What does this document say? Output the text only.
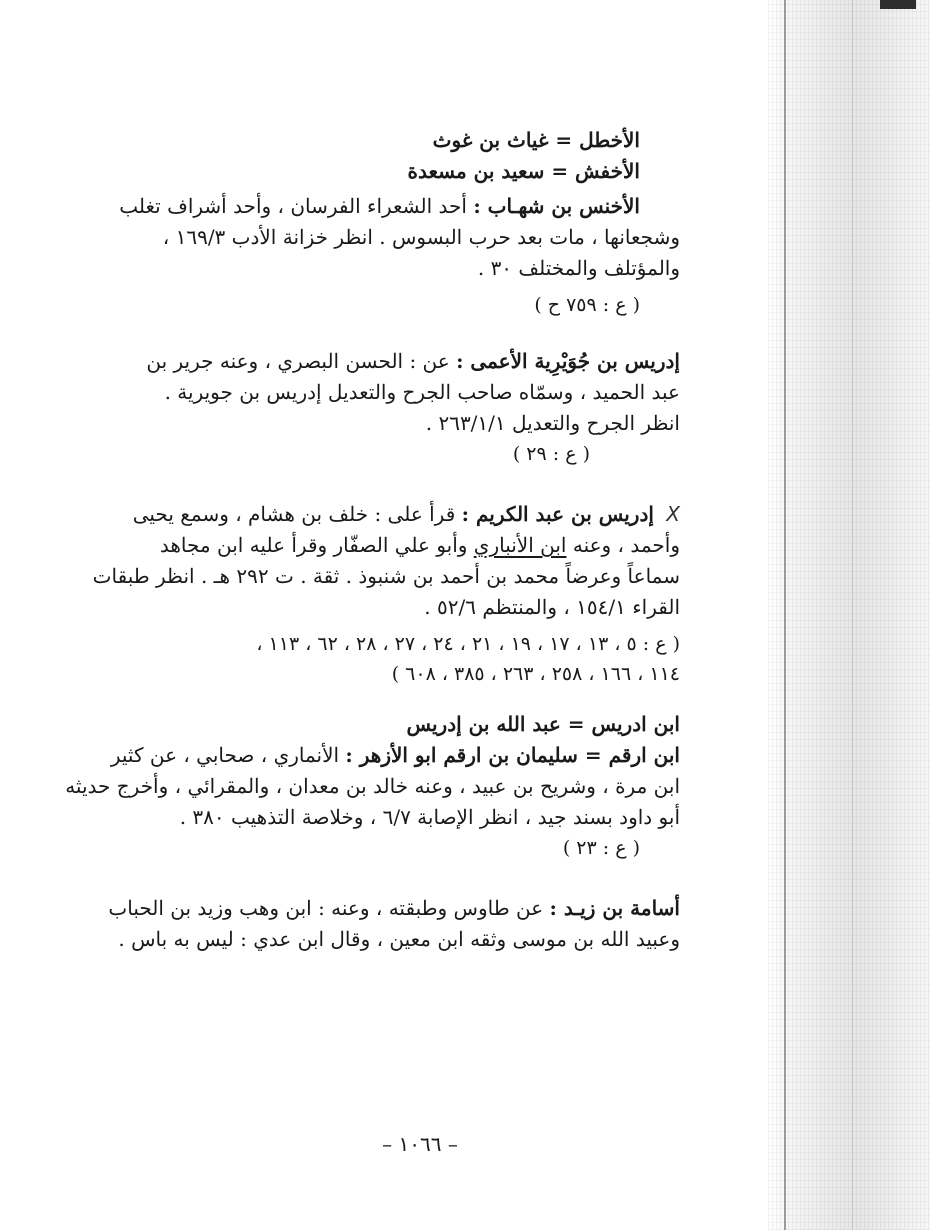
الأخطل = غياث بن غوث
الأخفش = سعيد بن مسعدة
الأخنس بن شهـاب : أحد الشعراء الفرسان ، وأحد أشراف تغلب
وشجعانها ، مات بعد حرب البسوس . انظر خزانة الأدب ١٦٩/٣ ،
والمؤتلف والمختلف ٣٠ .
( ع : ٧٥٩ ح )
إدريس بن جُوَيْرِية الأعمى : عن : الحسن البصري ، وعنه جرير بن
عبد الحميد ، وسمّاه صاحب الجرح والتعديل إدريس بن جويرية .
انظر الجرح والتعديل ٢٦٣/١/١ .
( ع : ٢٩ )
X إدريس بن عبد الكريم : قرأ على : خلف بن هشام ، وسمع يحيى
وأحمد ، وعنه ابن الأنباري وأبو علي الصفّار وقرأ عليه ابن مجاهد
سماعاً وعرضاً محمد بن أحمد بن شنبوذ . ثقة . ت ٢٩٢ هـ . انظر طبقات
القراء ١٥٤/١ ، والمنتظم ٥٢/٦ .
( ع : ٥ ، ١٣ ، ١٧ ، ١٩ ، ٢١ ، ٢٤ ، ٢٧ ، ٢٨ ، ٦٢ ، ١١٣ ،
١١٤ ، ١٦٦ ، ٢٥٨ ، ٢٦٣ ، ٣٨٥ ، ٦٠٨ )
ابن ادريس = عبد الله بن إدريس
ابن ارقم = سليمان بن ارقم ابو الأزهر : الأنماري ، صحابي ، عن كثير
ابن مرة ، وشريح بن عبيد ، وعنه خالد بن معدان ، والمقرائي ، وأخرج حديثه
أبو داود بسند جيد ، انظر الإصابة ٦/٧ ، وخلاصة التذهيب ٣٨٠ .
( ع : ٢٣ )
أسامة بن زيـد : عن طاوس وطبقته ، وعنه : ابن وهب وزيد بن الحباب
وعبيد الله بن موسى وثقه ابن معين ، وقال ابن عدي : ليس به باس .
– ١٠٦٦ –
